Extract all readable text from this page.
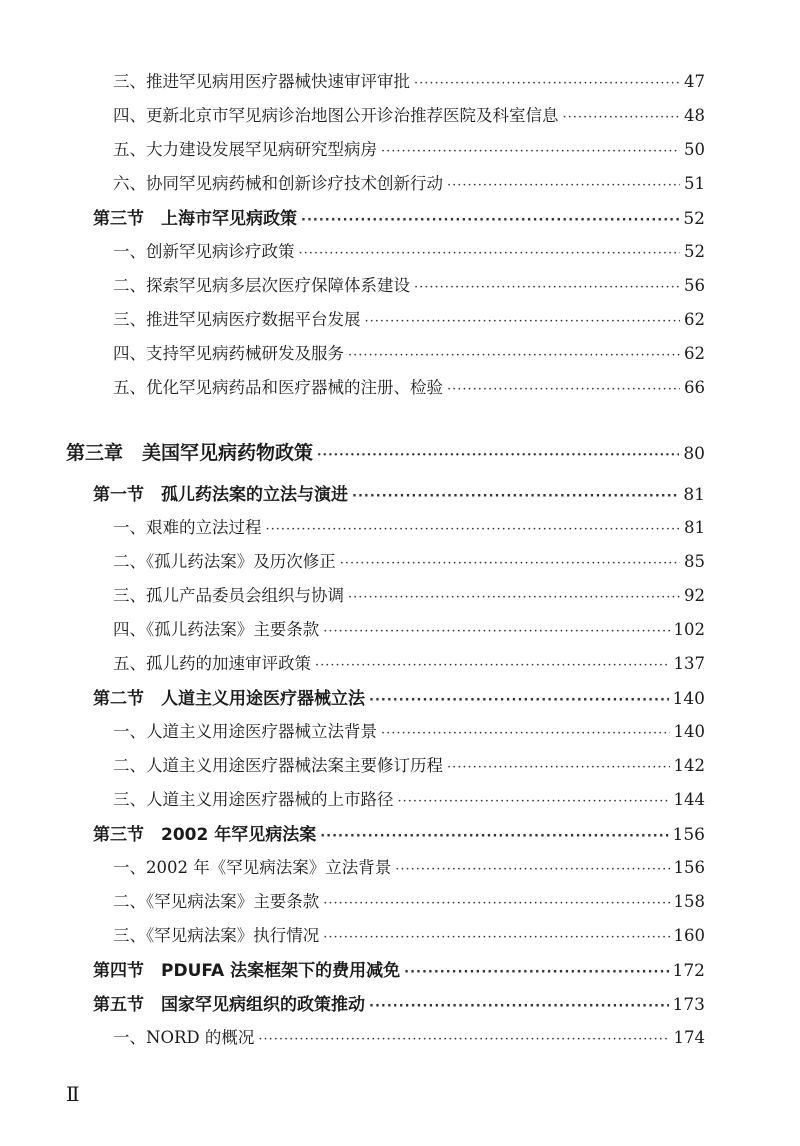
三、推进罕见病用医疗器械快速审评审批 ·····	47
四、更新北京市罕见病诊治地图公开诊治推荐医院及科室信息 ·····	48
五、大力建设发展罕见病研究型病房 ·····	50
六、协同罕见病药械和创新诊疗技术创新行动 ·····	51
第三节　上海市罕见病政策 ·····	52
一、创新罕见病诊疗政策 ·····	52
二、探索罕见病多层次医疗保障体系建设 ·····	56
三、推进罕见病医疗数据平台发展 ·····	62
四、支持罕见病药械研发及服务 ·····	62
五、优化罕见病药品和医疗器械的注册、检验 ·····	66
第三章　美国罕见病药物政策 ·····	80
第一节　孤儿药法案的立法与演进 ·····	81
一、艰难的立法过程 ·····	81
二、《孤儿药法案》及历次修正 ·····	85
三、孤儿产品委员会组织与协调 ·····	92
四、《孤儿药法案》主要条款 ·····	102
五、孤儿药的加速审评政策 ·····	137
第二节　人道主义用途医疗器械立法 ·····	140
一、人道主义用途医疗器械立法背景 ·····	140
二、人道主义用途医疗器械法案主要修订历程 ·····	142
三、人道主义用途医疗器械的上市路径 ·····	144
第三节　2002 年罕见病法案 ·····	156
一、2002 年《罕见病法案》立法背景 ·····	156
二、《罕见病法案》主要条款 ·····	158
三、《罕见病法案》执行情况 ·····	160
第四节　PDUFA 法案框架下的费用减免 ·····	172
第五节　国家罕见病组织的政策推动 ·····	173
一、NORD 的概况 ·····	174
Ⅱ
